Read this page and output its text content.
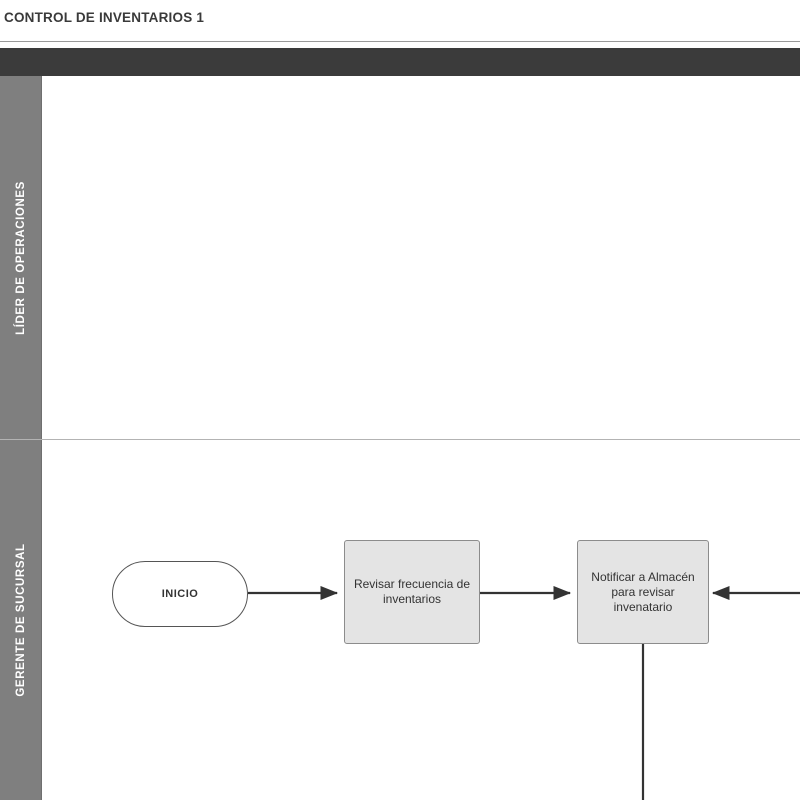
CONTROL DE INVENTARIOS 1
LÍDER DE OPERACIONES
GERENTE DE SUCURSAL	INICIO
Revisar frecuencia de inventarios
Notificar a Almacén para revisar invenatario
